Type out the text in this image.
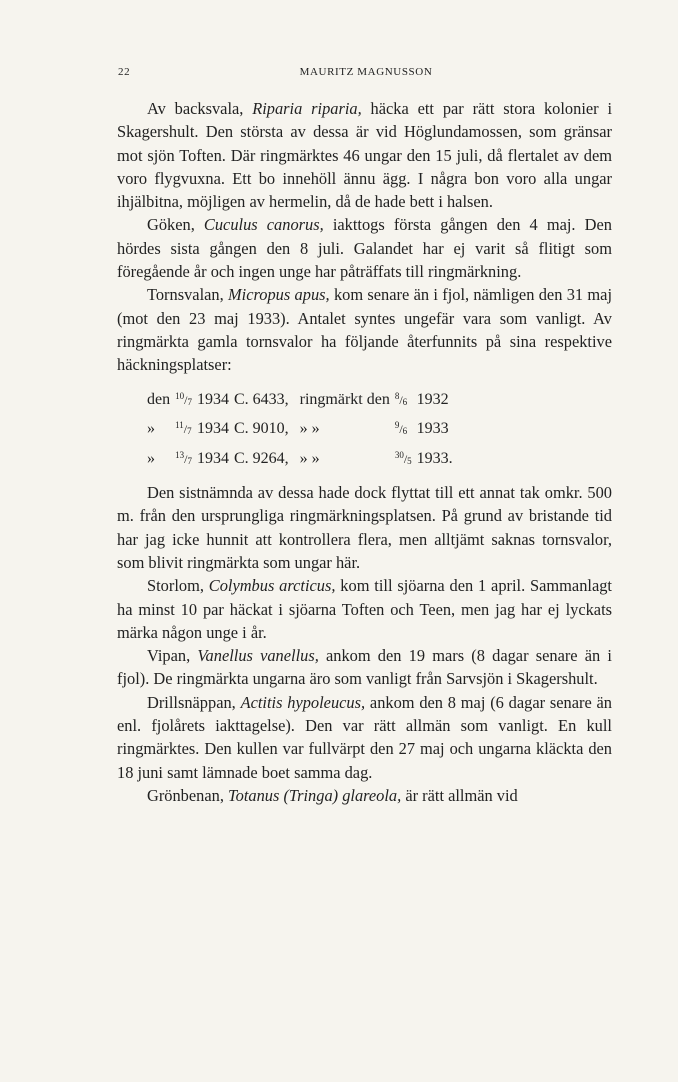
22	MAURITZ MAGNUSSON

Av backsvala, Riparia riparia, häcka ett par rätt stora kolonier i Skagershult. Den största av dessa är vid Höglundamossen, som gränsar mot sjön Toften. Där ringmärktes 46 ungar den 15 juli, då flertalet av dem voro flygvuxna. Ett bo innehöll ännu ägg. I några bon voro alla ungar ihjälbitna, möjligen av hermelin, då de hade bett i halsen.

Göken, Cuculus canorus, iakttogs första gången den 4 maj. Den hördes sista gången den 8 juli. Galandet har ej varit så flitigt som föregående år och ingen unge har påträffats till ringmärkning.

Tornsvalan, Micropus apus, kom senare än i fjol, nämligen den 31 maj (mot den 23 maj 1933). Antalet syntes ungefär vara som vanligt. Av ringmärkta gamla tornsvalor ha följande återfunnits på sina respektive häckningsplatser:

den	$^{10}/_7$	1934	C. 6433,	ringmärkt den	$^8/_6$	1932
»	$^{11}/_7$	1934	C. 9010,	» »	$^9/_6$	1933
»	$^{13}/_7$	1934	C. 9264,	» »	$^{30}/_5$	1933.

Den sistnämnda av dessa hade dock flyttat till ett annat tak omkr. 500 m. från den ursprungliga ringmärkningsplatsen. På grund av bristande tid har jag icke hunnit att kontrollera flera, men alltjämt saknas tornsvalor, som blivit ringmärkta som ungar här.

Storlom, Colymbus arcticus, kom till sjöarna den 1 april. Sammanlagt ha minst 10 par häckat i sjöarna Toften och Teen, men jag har ej lyckats märka någon unge i år.

Vipan, Vanellus vanellus, ankom den 19 mars (8 dagar senare än i fjol). De ringmärkta ungarna äro som vanligt från Sarvsjön i Skagershult.

Drillsnäppan, Actitis hypoleucus, ankom den 8 maj (6 dagar senare än enl. fjolårets iakttagelse). Den var rätt allmän som vanligt. En kull ringmärktes. Den kullen var fullvärpt den 27 maj och ungarna kläckta den 18 juni samt lämnade boet samma dag.

Grönbenan, Totanus (Tringa) glareola, är rätt allmän vid
